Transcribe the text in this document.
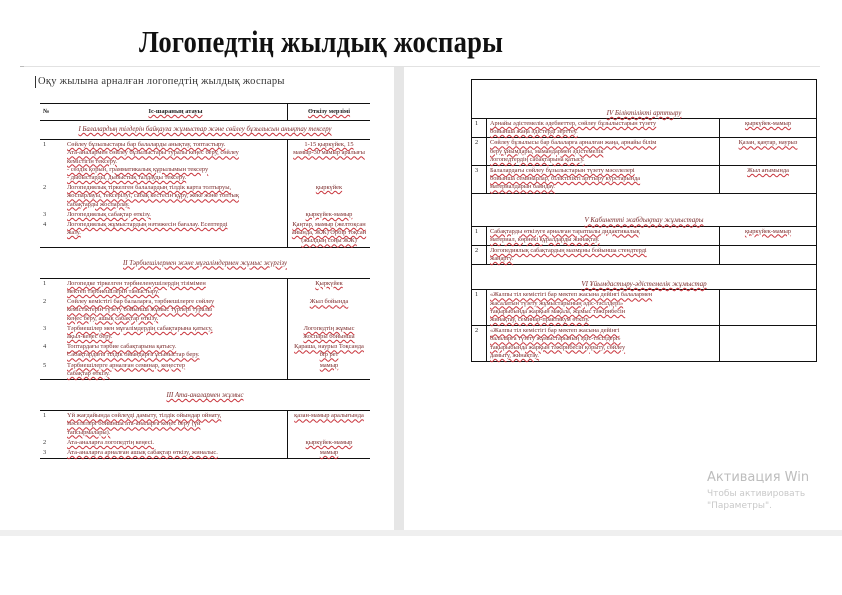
Логопедтің жылдық жоспары
Оқу жылына арналған логопедтің жылдық жоспары
№	Іс-шараның атауы	Өткізу мерзімі
І Балалардың тілдерін байқауға жұмыстар және сөйлеу бұзылысын анықтау тексеру		
1	Сөйлеу бұзылыстары бар балаларды анықтау, топтастыру.
Ата-аналармен сөйлеу бұзылыстары туралы кеңес беру, сөйлеу
кемістігін тексеру.
- сөздік қорын, грамматикалық құрылымын тексеру
- дыбыстарды, дыбыстық талдауды тексеру.	1-15 қыркүйек, 15 мамыр-30 мамыр аралығы
2	Логопедиялық тіркелген балалардың тілдік карта толтыруы,
жоспарлауы, тексерілуі, сабақ кестесін құру, жеке және топтық
сабақтарды жоспарлау.	қыркүйек
3	Логопедиялық сабақтар өткізу.	қыркүйек-мамыр
4	Логопедиялық жұмыстардың нәтижесін бағалау. Есептерді
жазу.	Қаңтар, мамыр (желтоқсан айында, ЖЖ) Әрбір тоқсан (жылдың соңы ЖЖ)
ІІ Тәрбиешілермен және мұғалімдермен жұмыс жүргізу		
1	Логопедке тіркелген тәрбиеленушілердің тізімімен
мектеп тәрбиешілерін таныстыру.	Қыркүйек
2	Сөйлеу кемістігі бар балаларға, тәрбиешілерге сөйлеу
кемістіктерін түзету бойынша жұмыс түрлері туралы
кеңес беру, ашық сабақтар өткізу.	Жыл бойында
3	Тәрбиешілер мен мұғалімдердің сабақтарына қатысу,
ақыл-кеңес беру.	Логопедтің жұмыс жоспары бойынша
4	Топтардағы тәрбие сабақтарына қатысу.
Сабақтардағы тілдік ойындарға ұсыныстар беру.	Қараша, наурыз Тоқсанда бір рет
5	Тәрбиешілерге арналған семинар, кеңестер
сабақтар өткізу.	мамыр
ІІІ Ата-аналармен жұмыс		
1	Үй жағдайында сөйлеуді дамыту, тілдік ойындар ойнату,
мәселелері бойынша ата-аналарға кеңес беру (үй
тапсырмалары).	қазан-мамыр аралығында
2	Ата-аналарға логопедтің кеңесі.	қыркүйек-мамыр
3	Ата-аналарға арналған ашық сабақтар өткізу, жиналыс.	мамыр
ІV Біліктілікті арттыру		
1	Арнайы әдістемелік әдебиеттер, сөйлеу бұзылыстарын түзету
бойынша жаңа әдістерді зерттеу.	қыркүйек-мамыр
2	Сөйлеу бұзылысы бар балаларға арналған жаңа, арнайы білім
беру ұйымдары, мамандармен әдістемелік
логопедтердің сабақтарына қатысу.	Қазан, қаңтар, наурыз
3	Балалардағы сөйлеу бұзылыстарын түзету мәселелері
бойынша семинарлар, біліктілікті арттыру курстарында
материалдарын баяндау.	Жыл ағымында
V Кабинетті жабдықтау жұмыстары		
1	Сабақтарды өткізуге арналған таратпалы дидактикалық
материал, көрнекі құралдарды жинақтау.	қыркүйек-мамыр
2	Логопедиялық сабақтардың мазмұны бойынша стендтерді
жаңарту.	

VІ Ұйымдастыру-әдістемелік жұмыстар		
1	«Жалпы тіл кемістігі бар мектеп жасына дейінгі балалармен
жасалатын түзету жұмыстарының әдіс-тәсілдері»
тақырыбында жарқын мақала, жұмыс тәжірибесін
жинақтау, семинар-практикум өткізу.	

2	«Жалпы тіл кемістігі бар мектеп жасына дейінгі
балаларға түзету жұмыстарының әдіс-тәсілдері»
тақырыбында жарқын тәжірибесін қорыту, сөйлеу
дамыту, жинақтау.	

Активация Win
Чтобы активировать
"Параметры".
